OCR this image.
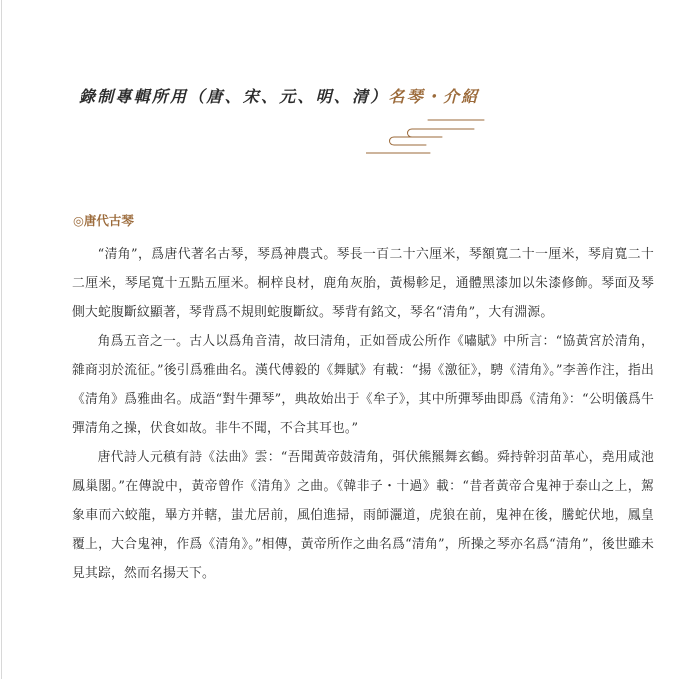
錄制專輯所用（唐、宋、元、明、清）名琴・介紹
◎唐代古琴

“清角”，爲唐代著名古琴，琴爲神農式。琴長一百二十六厘米，琴額寬二十一厘米，琴肩寬二十二厘米，琴尾寬十五點五厘米。桐梓良材，鹿角灰胎，黃楊軫足，通體黑漆加以朱漆修飾。琴面及琴側大蛇腹斷紋顯著，琴背爲不規則蛇腹斷紋。琴背有銘文，琴名“清角”，大有淵源。

角爲五音之一。古人以爲角音清，故曰清角，正如晉成公所作《嘯賦》中所言：“協黃宮於清角，雜商羽於流征。”後引爲雅曲名。漢代傅毅的《舞賦》有載：“揚《激征》，騁《清角》。”李善作注，指出《清角》爲雅曲名。成語“對牛彈琴”，典故始出于《牟子》，其中所彈琴曲即爲《清角》：“公明儀爲牛彈清角之操，伏食如故。非牛不聞，不合其耳也。”

唐代詩人元稹有詩《法曲》雲：“吾聞黃帝鼓清角，弭伏熊羆舞玄鶴。舜持幹羽苗革心，堯用咸池鳳巢閣。”在傳說中，黃帝曾作《清角》之曲。《韓非子・十過》載：“昔者黃帝合鬼神于泰山之上，駕象車而六蛟龍，畢方并轄，蚩尤居前，風伯進掃，雨師灑道，虎狼在前，鬼神在後，騰蛇伏地，鳳皇覆上，大合鬼神，作爲《清角》。”相傳，黃帝所作之曲名爲“清角”，所操之琴亦名爲“清角”，後世雖未見其踪，然而名揚天下。
